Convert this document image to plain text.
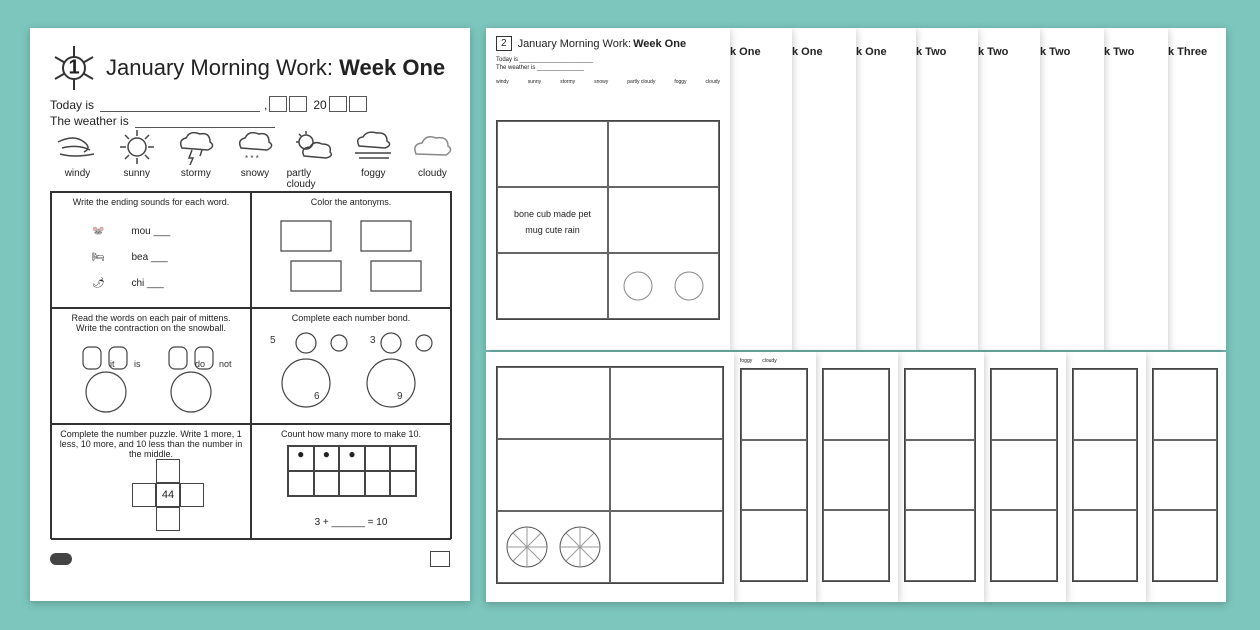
1 January Morning Work: Week One
Today is	,	20
The weather is
windy	sunny	stormy
* * *
snowy partly cloudy
foggy	cloudy
Write the ending sounds for each word.
🐭 mou ___
🛏 bea ___
🌶 chi ___
Color the antonyms.
Read the words on each pair of mittens. Write the contraction on the snowball.
it is	do not
Complete each number bond.
5
6
3
9
Complete the number puzzle. Write 1 more, 1 less, 10 more, and 10 less than the number in the middle.
44
Count how many more to make 10.
●	●	●
3 + ______ = 10
k Three
k Two
k Two
k Two
k Two
k One
k One
k One
2	January Morning Work: Week One
Today is ______________________
The weather is ______________
windy	sunny	stormy	snowy	partly cloudy	foggy	cloudy
bone cub made pet
mug cute rain
foggy cloudy
